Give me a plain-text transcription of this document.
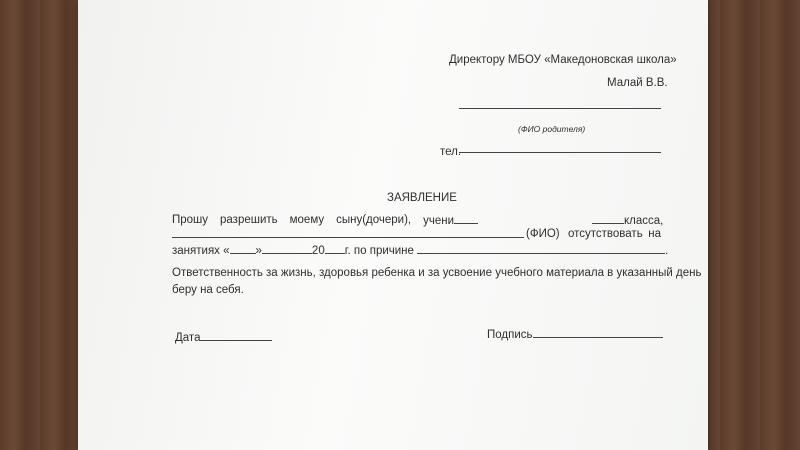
Директору МБОУ «Македоновская школа»
Малай В.В.
(ФИО родителя)
тел.
ЗАЯВЛЕНИЕ
Прошу разрешить моему сыну(дочери), учени	класса,
(ФИО) отсутствовать на
занятиях « »	20 г. по причине	.
Ответственность за жизнь, здоровья ребенка и за усвоение учебного материала в указанный день
беру на себя.
Дата	Подпись
